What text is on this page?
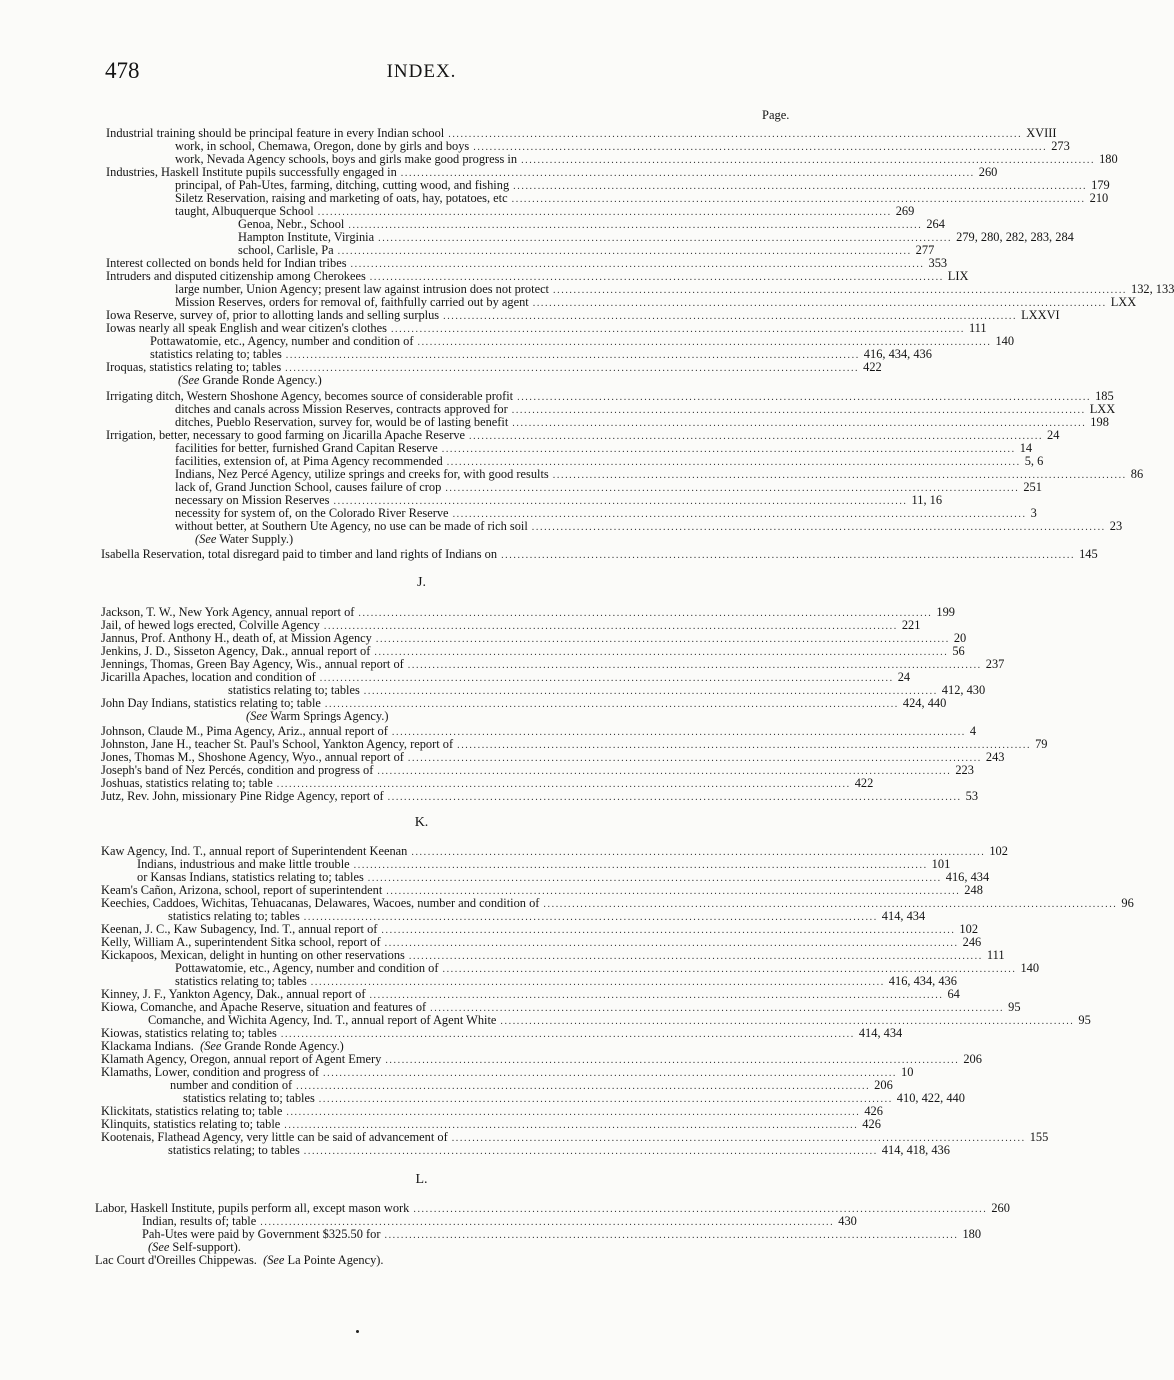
478	INDEX.
Page.
Industrial training should be principal feature in every Indian school ............................................................................................................................................ XVIII
work, in school, Chemawa, Oregon, done by girls and boys ............................................................................................................................................ 273
work, Nevada Agency schools, boys and girls make good progress in ............................................................................................................................................ 180
Industries, Haskell Institute pupils successfully engaged in ............................................................................................................................................ 260
principal, of Pah-Utes, farming, ditching, cutting wood, and fishing ............................................................................................................................................ 179
Siletz Reservation, raising and marketing of oats, hay, potatoes, etc ............................................................................................................................................ 210
taught, Albuquerque School ............................................................................................................................................ 269
Genoa, Nebr., School ............................................................................................................................................ 264
Hampton Institute, Virginia ............................................................................................................................................ 279, 280, 282, 283, 284
school, Carlisle, Pa ............................................................................................................................................ 277
Interest collected on bonds held for Indian tribes ............................................................................................................................................ 353
Intruders and disputed citizenship among Cherokees ............................................................................................................................................ LIX
large number, Union Agency; present law against intrusion does not protect ............................................................................................................................................ 132, 133
Mission Reserves, orders for removal of, faithfully carried out by agent ............................................................................................................................................ LXX
Iowa Reserve, survey of, prior to allotting lands and selling surplus ............................................................................................................................................ LXXVI
Iowas nearly all speak English and wear citizen's clothes ............................................................................................................................................ 111
Pottawatomie, etc., Agency, number and condition of ............................................................................................................................................ 140
statistics relating to; tables ............................................................................................................................................ 416, 434, 436
Iroquas, statistics relating to; tables ............................................................................................................................................ 422
(See Grande Ronde Agency.)
Irrigating ditch, Western Shoshone Agency, becomes source of considerable profit ............................................................................................................................................ 185
ditches and canals across Mission Reserves, contracts approved for ............................................................................................................................................ LXX
ditches, Pueblo Reservation, survey for, would be of lasting benefit ............................................................................................................................................ 198
Irrigation, better, necessary to good farming on Jicarilla Apache Reserve ............................................................................................................................................ 24
facilities for better, furnished Grand Capitan Reserve ............................................................................................................................................ 14
facilities, extension of, at Pima Agency recommended ............................................................................................................................................ 5, 6
Indians, Nez Percé Agency, utilize springs and creeks for, with good results ............................................................................................................................................ 86
lack of, Grand Junction School, causes failure of crop ............................................................................................................................................ 251
necessary on Mission Reserves ............................................................................................................................................ 11, 16
necessity for system of, on the Colorado River Reserve ............................................................................................................................................ 3
without better, at Southern Ute Agency, no use can be made of rich soil ............................................................................................................................................ 23
(See Water Supply.)
Isabella Reservation, total disregard paid to timber and land rights of Indians on ............................................................................................................................................ 145
J.
Jackson, T. W., New York Agency, annual report of ............................................................................................................................................ 199
Jail, of hewed logs erected, Colville Agency ............................................................................................................................................ 221
Jannus, Prof. Anthony H., death of, at Mission Agency ............................................................................................................................................ 20
Jenkins, J. D., Sisseton Agency, Dak., annual report of ............................................................................................................................................ 56
Jennings, Thomas, Green Bay Agency, Wis., annual report of ............................................................................................................................................ 237
Jicarilla Apaches, location and condition of ............................................................................................................................................ 24
statistics relating to; tables ............................................................................................................................................ 412, 430
John Day Indians, statistics relating to; table ............................................................................................................................................ 424, 440
(See Warm Springs Agency.)
Johnson, Claude M., Pima Agency, Ariz., annual report of ............................................................................................................................................ 4
Johnston, Jane H., teacher St. Paul's School, Yankton Agency, report of ............................................................................................................................................ 79
Jones, Thomas M., Shoshone Agency, Wyo., annual report of ............................................................................................................................................ 243
Joseph's band of Nez Percés, condition and progress of ............................................................................................................................................ 223
Joshuas, statistics relating to; table ............................................................................................................................................ 422
Jutz, Rev. John, missionary Pine Ridge Agency, report of ............................................................................................................................................ 53
K.
Kaw Agency, Ind. T., annual report of Superintendent Keenan ............................................................................................................................................ 102
Indians, industrious and make little trouble ............................................................................................................................................ 101
or Kansas Indians, statistics relating to; tables ............................................................................................................................................ 416, 434
Keam's Cañon, Arizona, school, report of superintendent ............................................................................................................................................ 248
Keechies, Caddoes, Wichitas, Tehuacanas, Delawares, Wacoes, number and condition of ............................................................................................................................................ 96
statistics relating to; tables ............................................................................................................................................ 414, 434
Keenan, J. C., Kaw Subagency, Ind. T., annual report of ............................................................................................................................................ 102
Kelly, William A., superintendent Sitka school, report of ............................................................................................................................................ 246
Kickapoos, Mexican, delight in hunting on other reservations ............................................................................................................................................ 111
Pottawatomie, etc., Agency, number and condition of ............................................................................................................................................ 140
statistics relating to; tables ............................................................................................................................................ 416, 434, 436
Kinney, J. F., Yankton Agency, Dak., annual report of ............................................................................................................................................ 64
Kiowa, Comanche, and Apache Reserve, situation and features of ............................................................................................................................................ 95
Comanche, and Wichita Agency, Ind. T., annual report of Agent White ............................................................................................................................................ 95
Kiowas, statistics relating to; tables ............................................................................................................................................ 414, 434
Klackama Indians. (See Grande Ronde Agency.)
Klamath Agency, Oregon, annual report of Agent Emery ............................................................................................................................................ 206
Klamaths, Lower, condition and progress of ............................................................................................................................................ 10
number and condition of ............................................................................................................................................ 206
statistics relating to; tables ............................................................................................................................................ 410, 422, 440
Klickitats, statistics relating to; table ............................................................................................................................................ 426
Klinquits, statistics relating to; table ............................................................................................................................................ 426
Kootenais, Flathead Agency, very little can be said of advancement of ............................................................................................................................................ 155
statistics relating; to tables ............................................................................................................................................ 414, 418, 436
L.
Labor, Haskell Institute, pupils perform all, except mason work ............................................................................................................................................ 260
Indian, results of; table ............................................................................................................................................ 430
Pah-Utes were paid by Government $325.50 for ............................................................................................................................................ 180
(See Self-support).
Lac Court d'Oreilles Chippewas. (See La Pointe Agency).
